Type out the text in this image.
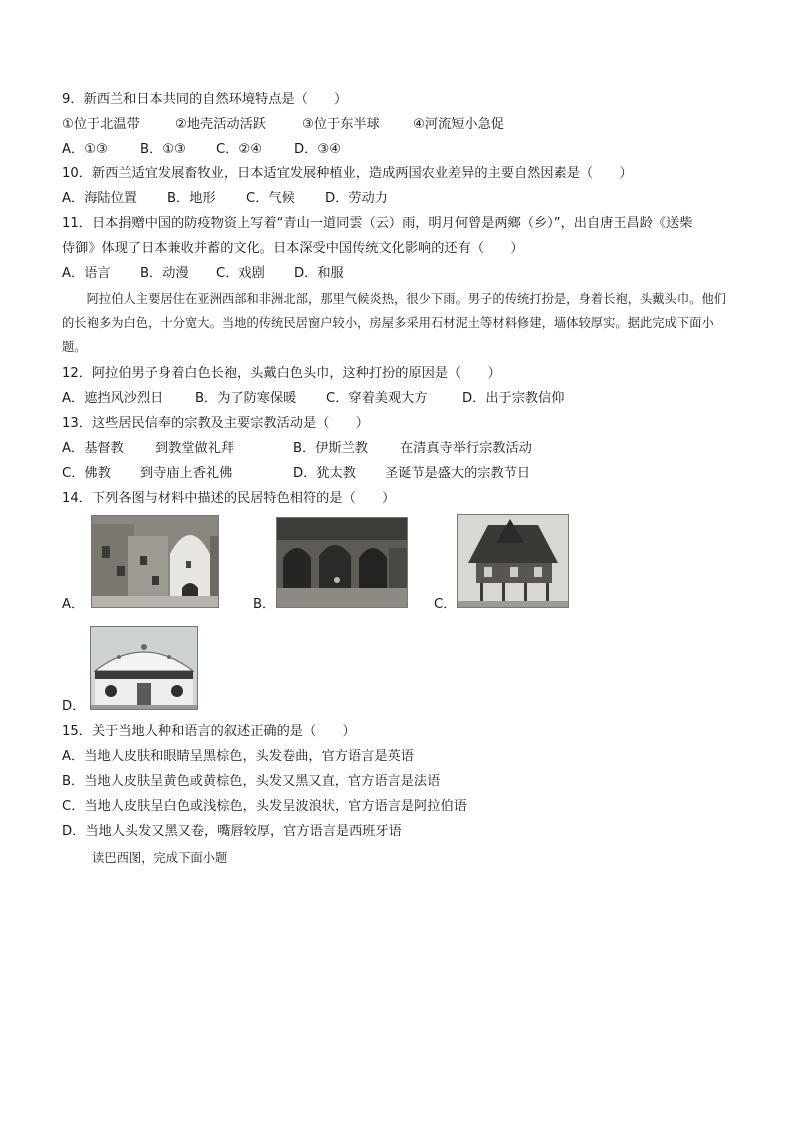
9．新西兰和日本共同的自然环境特点是（　　）
①位于北温带	②地壳活动活跃	③位于东半球	④河流短小急促
A．①③ B．①③ C．②④ D．③④
10．新西兰适宜发展畜牧业，日本适宜发展种植业，造成两国农业差异的主要自然因素是（　　）
A．海陆位置 B．地形 C．气候 D．劳动力
11．日本捐赠中国的防疫物资上写着“青山一道同雲（云）雨，明月何曾是两鄉（乡）”，出自唐王昌龄《送柴
侍御》体现了日本兼收并蓄的文化。日本深受中国传统文化影响的还有（　　）
A．语言 B．动漫 C．戏剧 D．和服
阿拉伯人主要居住在亚洲西部和非洲北部，那里气候炎热，很少下雨。男子的传统打扮是，身着长袍，头戴头巾。他们的长袍多为白色，十分宽大。当地的传统民居窗户较小，房屋多采用石材泥土等材料修建，墙体较厚实。据此完成下面小题。
12．阿拉伯男子身着白色长袍，头戴白色头巾，这种打扮的原因是（　　）
A．遮挡风沙烈日 B．为了防寒保暖 C．穿着美观大方	D．出于宗教信仰
13．这些居民信奉的宗教及主要宗教活动是（　　）
A．基督教 到教堂做礼拜	B．伊斯兰教 在清真寺举行宗教活动
C．佛教 到寺庙上香礼佛	D．犹太教 圣诞节是盛大的宗教节日
14．下列各图与材料中描述的民居特色相符的是（　　）
A．	B．	C．
D．
15．关于当地人种和语言的叙述正确的是（　　）
A．当地人皮肤和眼睛呈黑棕色，头发卷曲，官方语言是英语
B．当地人皮肤呈黄色或黄棕色，头发又黑又直，官方语言是法语
C．当地人皮肤呈白色或浅棕色，头发呈波浪状，官方语言是阿拉伯语
D．当地人头发又黑又卷，嘴唇较厚，官方语言是西班牙语
读巴西图，完成下面小题
